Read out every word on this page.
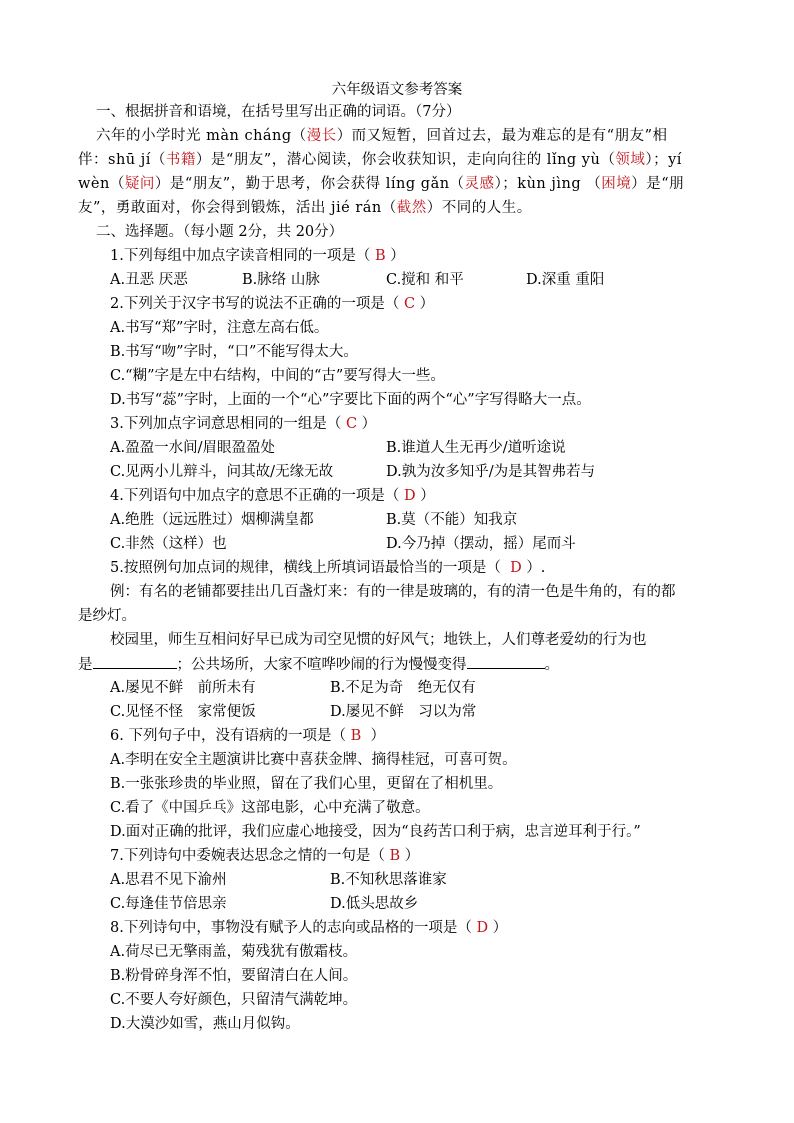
六年级语文参考答案
一、根据拼音和语境，在括号里写出正确的词语。（7分）
六年的小学时光 màn cháng（漫长）而又短暂，回首过去，最为难忘的是有“朋友”相
伴：shū jí（书籍）是“朋友”，潜心阅读，你会收获知识，走向向往的 lǐng yù（领域）；yí
wèn（疑问）是“朋友”，勤于思考，你会获得 líng gǎn（灵感）；kùn jìng （困境）是“朋
友”，勇敢面对，你会得到锻炼，活出 jié rán（截然）不同的人生。
二、选择题。（每小题 2分，共 20分）
1.下列每组中加点字读音相同的一项是（ B ）
A.丑恶 厌恶	B.脉络 山脉	C.搅和 和平	D.深重 重阳
2.下列关于汉字书写的说法不正确的一项是（ C ）
A.书写“郑”字时，注意左高右低。
B.书写“吻”字时，“口”不能写得太大。
C.“糊”字是左中右结构，中间的“古”要写得大一些。
D.书写“蕊”字时，上面的一个“心”字要比下面的两个“心”字写得略大一点。
3.下列加点字词意思相同的一组是（ C ）
A.盈盈一水间/眉眼盈盈处	B.谁道人生无再少/道听途说
C.见两小儿辩斗，问其故/无缘无故	D.孰为汝多知乎/为是其智弗若与
4.下列语句中加点字的意思不正确的一项是（ D ）
A.绝胜（远远胜过）烟柳满皇都	B.莫（不能）知我京
C.非然（这样）也	D.今乃掉（摆动，摇）尾而斗
5.按照例句加点词的规律，横线上所填词语最恰当的一项是（ D ）.
例：有名的老铺都要挂出几百盏灯来：有的一律是玻璃的，有的清一色是牛角的，有的都
是纱灯。
校园里，师生互相问好早已成为司空见惯的好风气；地铁上，人们尊老爱幼的行为也
是	；公共场所，大家不喧哗吵闹的行为慢慢变得	。
A.屡见不鲜　前所未有	B.不足为奇　绝无仅有
C.见怪不怪　家常便饭	D.屡见不鲜　习以为常
6. 下列句子中，没有语病的一项是（ B ）
A.李明在安全主题演讲比赛中喜获金牌、摘得桂冠，可喜可贺。
B.一张张珍贵的毕业照，留在了我们心里，更留在了相机里。
C.看了《中国乒乓》这部电影，心中充满了敬意。
D.面对正确的批评，我们应虚心地接受，因为“良药苦口利于病，忠言逆耳利于行。”
7.下列诗句中委婉表达思念之情的一句是（ B ）
A.思君不见下渝州	B.不知秋思落谁家
C.每逢佳节倍思亲	D.低头思故乡
8.下列诗句中，事物没有赋予人的志向或品格的一项是（ D ）
A.荷尽已无擎雨盖，菊残犹有傲霜枝。
B.粉骨碎身浑不怕，要留清白在人间。
C.不要人夸好颜色，只留清气满乾坤。
D.大漠沙如雪，燕山月似钩。
